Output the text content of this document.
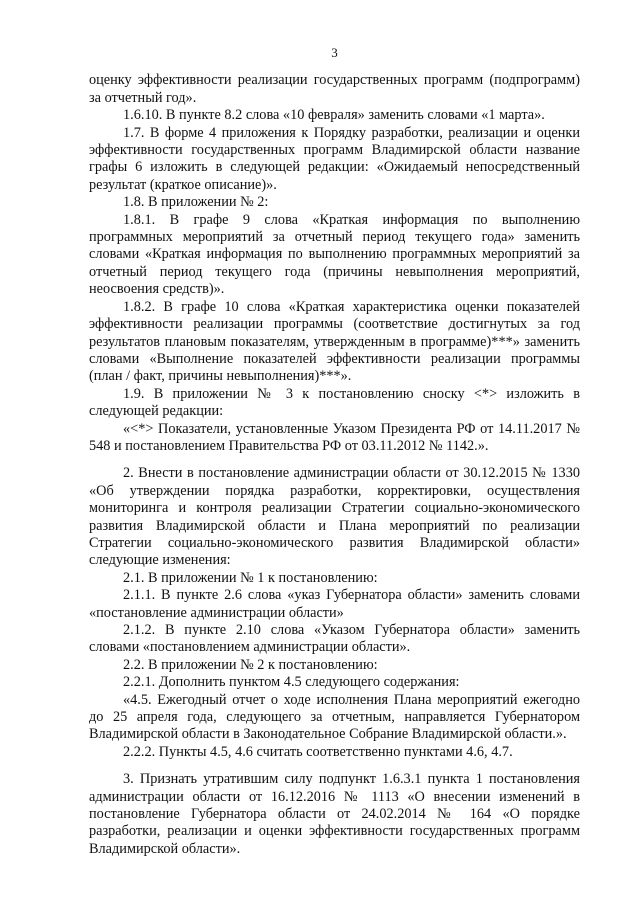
3

оценку эффективности реализации государственных программ (подпрограмм) за отчетный год».

1.6.10. В пункте 8.2 слова «10 февраля» заменить словами «1 марта».

1.7. В форме 4 приложения к Порядку разработки, реализации и оценки эффективности государственных программ Владимирской области название графы 6 изложить в следующей редакции: «Ожидаемый непосредственный результат (краткое описание)».

1.8. В приложении № 2:

1.8.1. В графе 9 слова «Краткая информация по выполнению программных мероприятий за отчетный период текущего года» заменить словами «Краткая информация по выполнению программных мероприятий за отчетный период текущего года (причины невыполнения мероприятий, неосвоения средств)».

1.8.2. В графе 10 слова «Краткая характеристика оценки показателей эффективности реализации программы (соответствие достигнутых за год результатов плановым показателям, утвержденным в программе)***» заменить словами «Выполнение показателей эффективности реализации программы (план / факт, причины невыполнения)***».

1.9. В приложении № 3 к постановлению сноску <*> изложить в следующей редакции:

«<*> Показатели, установленные Указом Президента РФ от 14.11.2017 № 548 и постановлением Правительства РФ от 03.11.2012 № 1142.».

2. Внести в постановление администрации области от 30.12.2015 № 1330 «Об утверждении порядка разработки, корректировки, осуществления мониторинга и контроля реализации Стратегии социально-экономического развития Владимирской области и Плана мероприятий по реализации Стратегии социально-экономического развития Владимирской области» следующие изменения:

2.1. В приложении № 1 к постановлению:

2.1.1. В пункте 2.6 слова «указ Губернатора области» заменить словами «постановление администрации области»

2.1.2. В пункте 2.10 слова «Указом Губернатора области» заменить словами «постановлением администрации области».

2.2. В приложении № 2 к постановлению:

2.2.1. Дополнить пунктом 4.5 следующего содержания:

«4.5. Ежегодный отчет о ходе исполнения Плана мероприятий ежегодно до 25 апреля года, следующего за отчетным, направляется Губернатором Владимирской области в Законодательное Собрание Владимирской области.».

2.2.2. Пункты 4.5, 4.6 считать соответственно пунктами 4.6, 4.7.

3. Признать утратившим силу подпункт 1.6.3.1 пункта 1 постановления администрации области от 16.12.2016 № 1113 «О внесении изменений в постановление Губернатора области от 24.02.2014 № 164 «О порядке разработки, реализации и оценки эффективности государственных программ Владимирской области».
